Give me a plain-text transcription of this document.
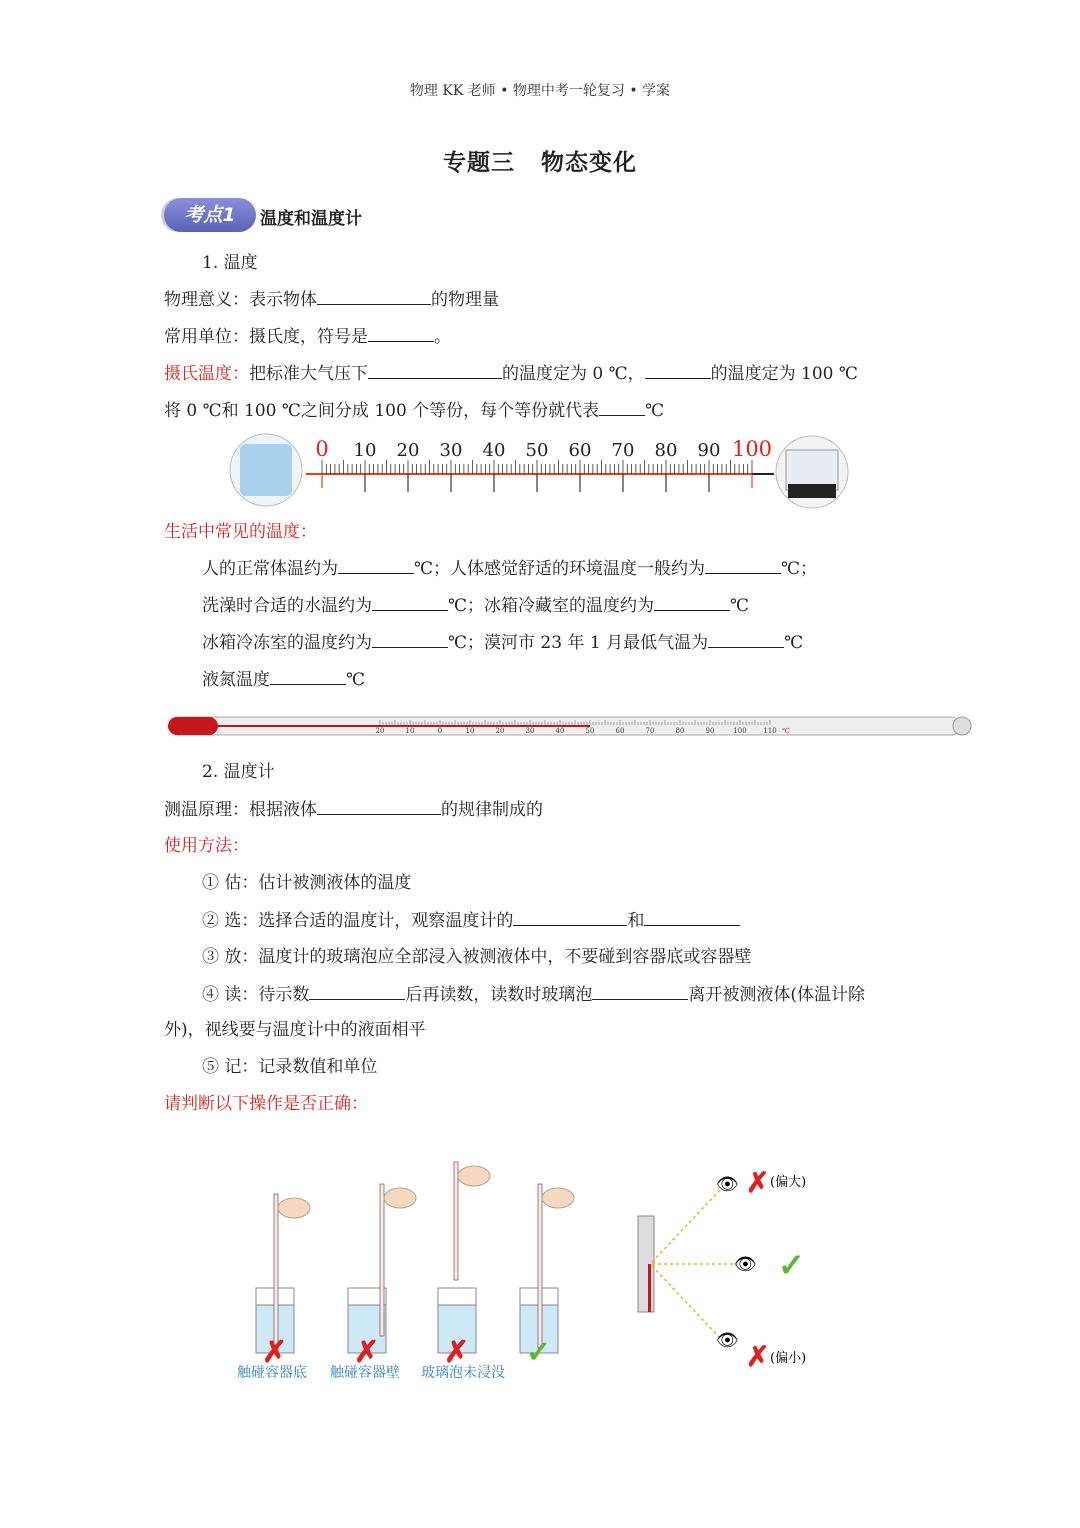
物理 KK 老师 • 物理中考一轮复习 • 学案
专题三 物态变化
考点1	温度和温度计
1. 温度
物理意义：表示物体	的物理量
常用单位：摄氏度，符号是	。
摄氏温度：把标准大气压下	的温度定为 0 ℃，	的温度定为 100 ℃
将 0 ℃和 100 ℃之间分成 100 个等份，每个等份就代表	℃
0 10 20 30 40 50 60 70 80 90 100
生活中常见的温度：
人的正常体温约为	℃；人体感觉舒适的环境温度一般约为	℃；
洗澡时合适的水温约为	℃；冰箱冷藏室的温度约为	℃
冰箱冷冻室的温度约为	℃；漠河市 23 年 1 月最低气温为	℃
液氮温度	℃
20	10	0	10	20	30	40	50	60	70	80	90	100 110 ℃
2. 温度计
测温原理：根据液体	的规律制成的
使用方法：
① 估：估计被测液体的温度
② 选：选择合适的温度计，观察温度计的	和
③ 放：温度计的玻璃泡应全部浸入被测液体中，不要碰到容器底或容器壁
④ 读：待示数	后再读数，读数时玻璃泡	离开被测液体(体温计除
外)，视线要与温度计中的液面相平
⑤ 记：记录数值和单位
请判断以下操作是否正确：
✗ ✗ ✗ ✓
👁
👁
👁
✗
✓
✗
(偏大)
(偏小)
触碰容器底 触碰容器壁 玻璃泡未浸没
